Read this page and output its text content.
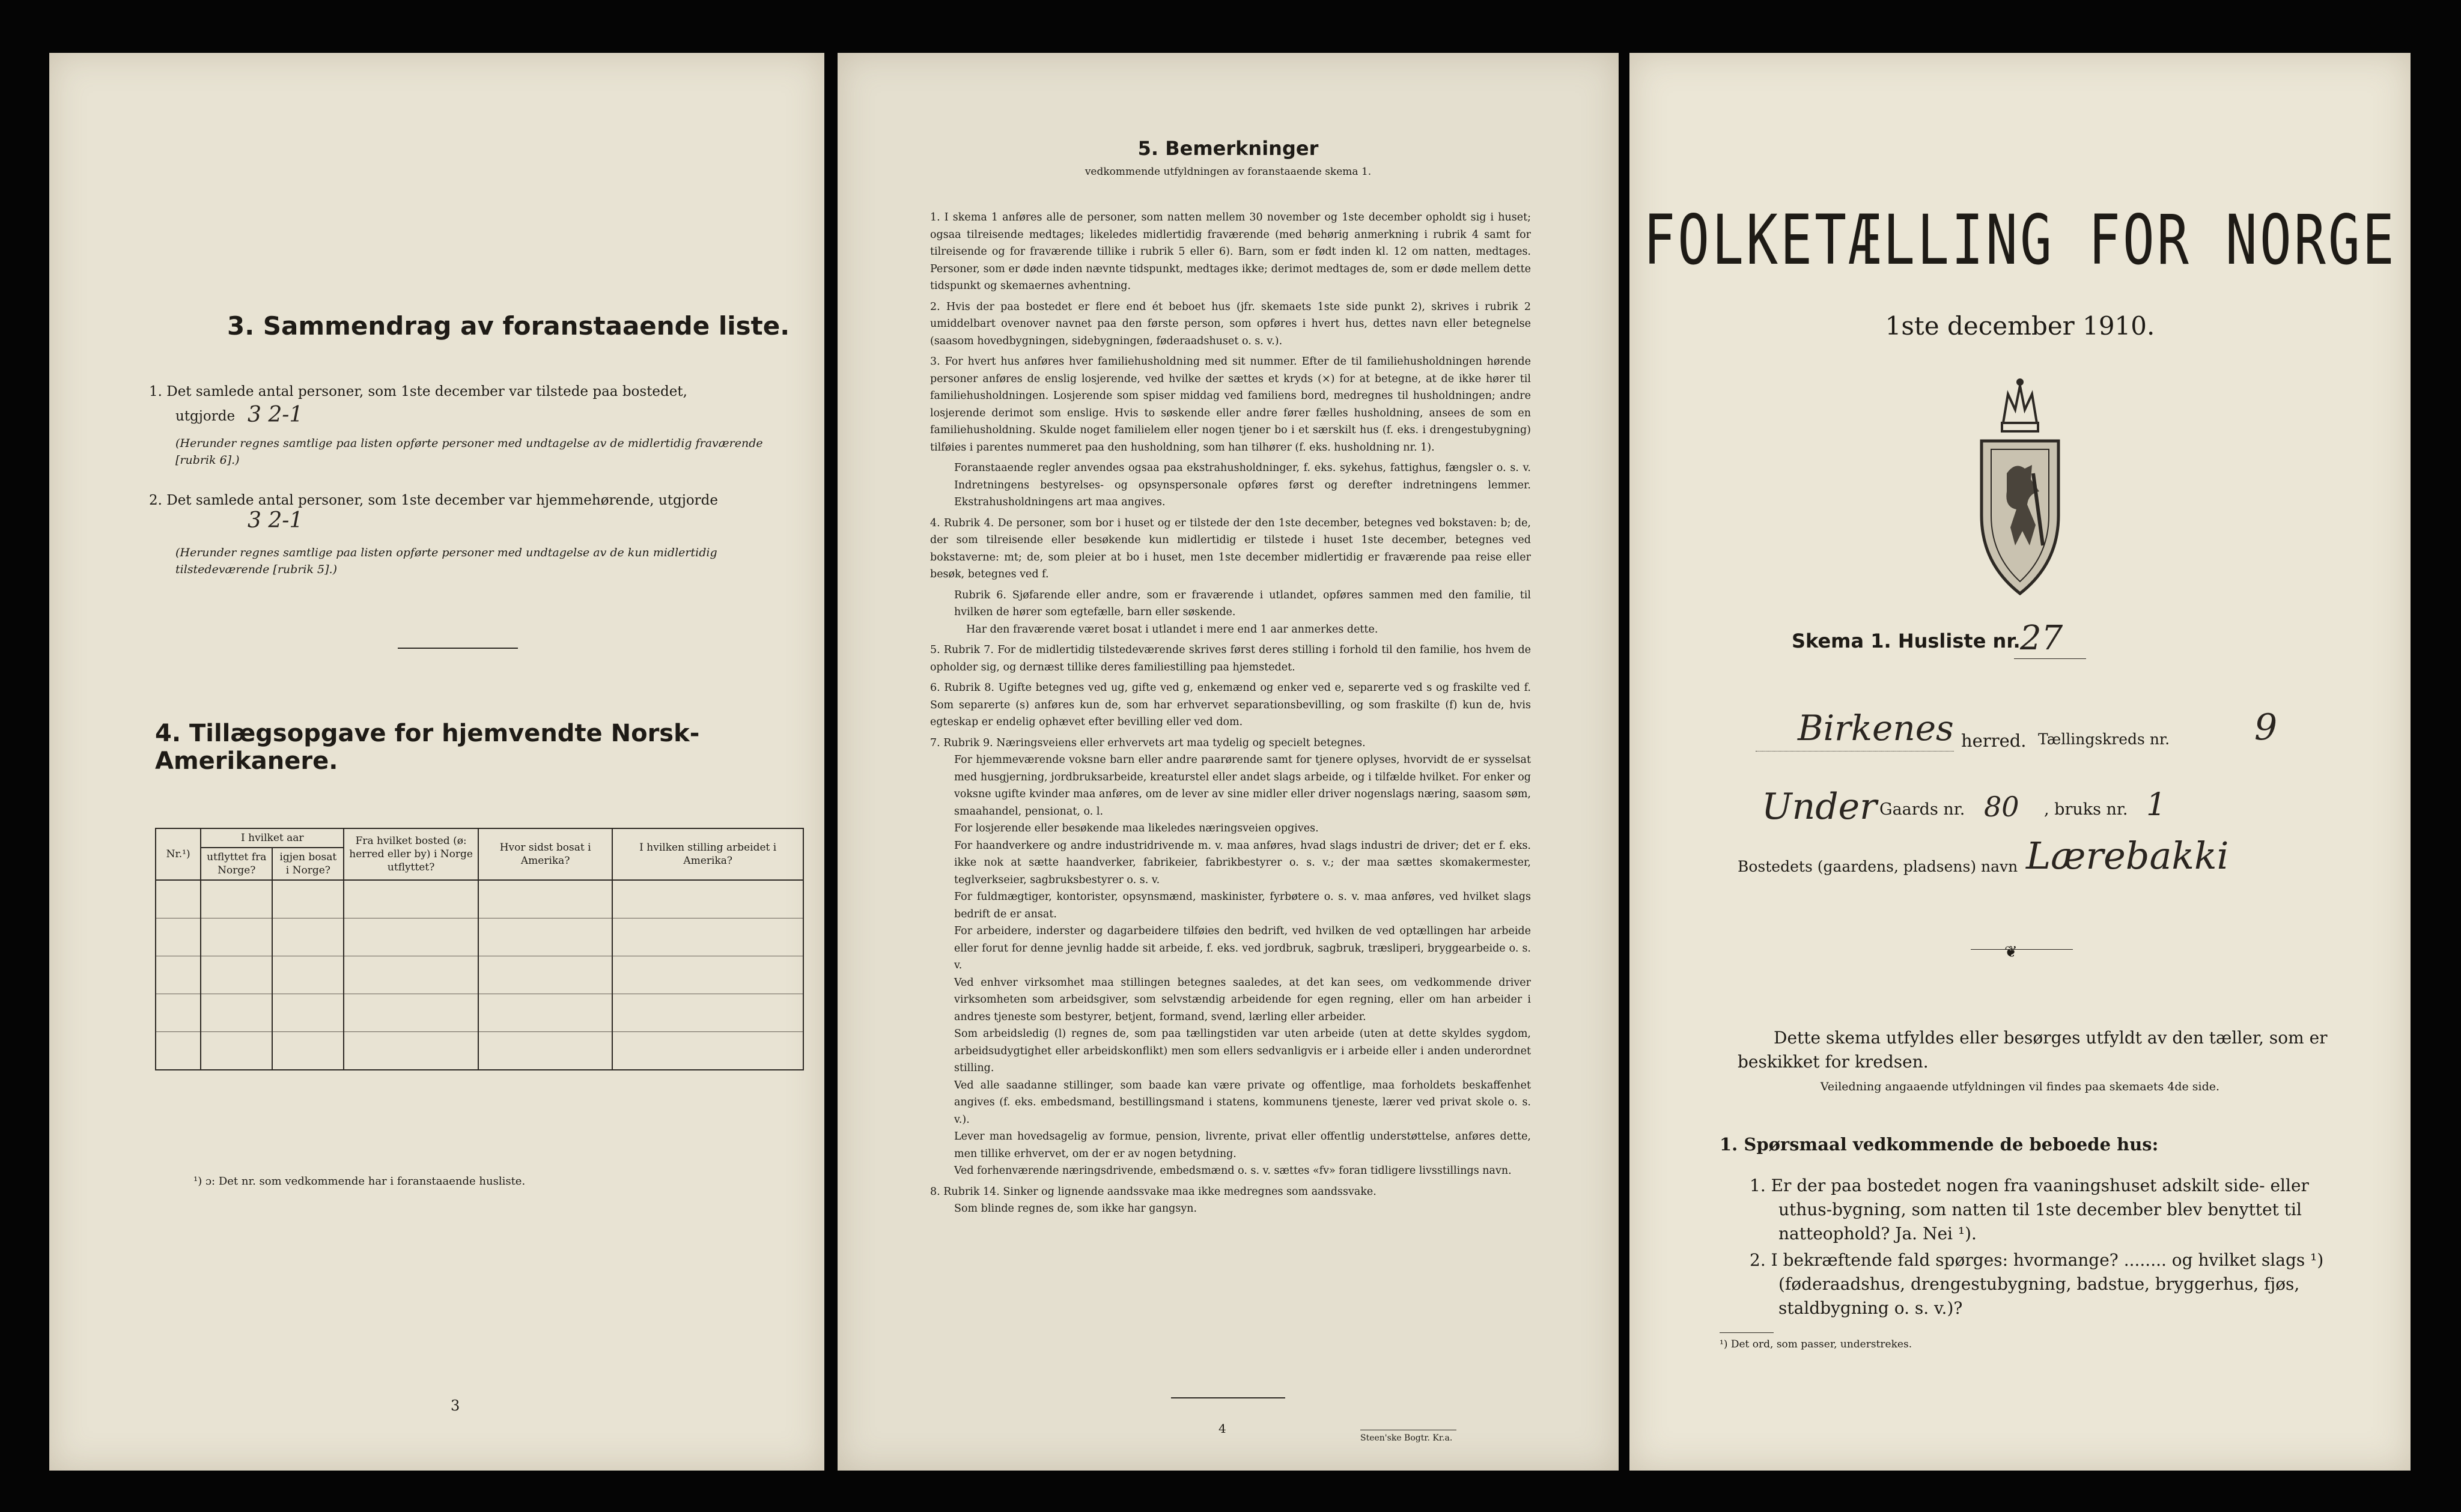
3. Sammendrag av foranstaaende liste.
1. Det samlede antal personer, som 1ste december var tilstede paa bostedet,
utgjorde 3 2-1
(Herunder regnes samtlige paa listen opførte personer med undtagelse av de midlertidig fraværende [rubrik 6].)
2. Det samlede antal personer, som 1ste december var hjemmehørende, utgjorde
3 2-1
(Herunder regnes samtlige paa listen opførte personer med undtagelse av de kun midlertidig tilstedeværende [rubrik 5].)
4. Tillægsopgave for hjemvendte Norsk-Amerikanere.
Nr.¹)	I hvilket aar		Fra hvilket bosted (ø: herred eller by) i Norge utflyttet?	Hvor sidst bosat i Amerika?	I hvilken stilling arbeidet i Amerika?
	utflyttet fra Norge?	igjen bosat i Norge?			

¹) ɔ: Det nr. som vedkommende har i foranstaaende husliste.
3
5. Bemerkninger
vedkommende utfyldningen av foranstaaende skema 1.

1. I skema 1 anføres alle de personer, som natten mellem 30 november og 1ste december opholdt sig i huset; ogsaa tilreisende medtages; likeledes midlertidig fraværende (med behørig anmerkning i rubrik 4 samt for tilreisende og for fraværende tillike i rubrik 5 eller 6). Barn, som er født inden kl. 12 om natten, medtages. Personer, som er døde inden nævnte tidspunkt, medtages ikke; derimot medtages de, som er døde mellem dette tidspunkt og skemaernes avhentning.

2. Hvis der paa bostedet er flere end ét beboet hus (jfr. skemaets 1ste side punkt 2), skrives i rubrik 2 umiddelbart ovenover navnet paa den første person, som opføres i hvert hus, dettes navn eller betegnelse (saasom hovedbygningen, sidebygningen, føderaadshuset o. s. v.).

3. For hvert hus anføres hver familiehusholdning med sit nummer. Efter de til familiehusholdningen hørende personer anføres de enslig losjerende, ved hvilke der sættes et kryds (×) for at betegne, at de ikke hører til familiehusholdningen. Losjerende som spiser middag ved familiens bord, medregnes til husholdningen; andre losjerende derimot som enslige. Hvis to søskende eller andre fører fælles husholdning, ansees de som en familiehusholdning. Skulde noget familielem eller nogen tjener bo i et særskilt hus (f. eks. i drengestubygning) tilføies i parentes nummeret paa den husholdning, som han tilhører (f. eks. husholdning nr. 1).

Foranstaaende regler anvendes ogsaa paa ekstrahusholdninger, f. eks. sykehus, fattighus, fængsler o. s. v. Indretningens bestyrelses- og opsynspersonale opføres først og derefter indretningens lemmer. Ekstrahusholdningens art maa angives.

4. Rubrik 4. De personer, som bor i huset og er tilstede der den 1ste december, betegnes ved bokstaven: b; de, der som tilreisende eller besøkende kun midlertidig er tilstede i huset 1ste december, betegnes ved bokstaverne: mt; de, som pleier at bo i huset, men 1ste december midlertidig er fraværende paa reise eller besøk, betegnes ved f.

Rubrik 6. Sjøfarende eller andre, som er fraværende i utlandet, opføres sammen med den familie, til hvilken de hører som egtefælle, barn eller søskende.

Har den fraværende været bosat i utlandet i mere end 1 aar anmerkes dette.

5. Rubrik 7. For de midlertidig tilstedeværende skrives først deres stilling i forhold til den familie, hos hvem de opholder sig, og dernæst tillike deres familiestilling paa hjemstedet.

6. Rubrik 8. Ugifte betegnes ved ug, gifte ved g, enkemænd og enker ved e, separerte ved s og fraskilte ved f. Som separerte (s) anføres kun de, som har erhvervet separationsbevilling, og som fraskilte (f) kun de, hvis egteskap er endelig ophævet efter bevilling eller ved dom.

7. Rubrik 9. Næringsveiens eller erhvervets art maa tydelig og specielt betegnes.

For hjemmeværende voksne barn eller andre paarørende samt for tjenere oplyses, hvorvidt de er sysselsat med husgjerning, jordbruksarbeide, kreaturstel eller andet slags arbeide, og i tilfælde hvilket. For enker og voksne ugifte kvinder maa anføres, om de lever av sine midler eller driver nogenslags næring, saasom søm, smaahandel, pensionat, o. l.

For losjerende eller besøkende maa likeledes næringsveien opgives.

For haandverkere og andre industridrivende m. v. maa anføres, hvad slags industri de driver; det er f. eks. ikke nok at sætte haandverker, fabrikeier, fabrikbestyrer o. s. v.; der maa sættes skomakermester, teglverkseier, sagbruksbestyrer o. s. v.

For fuldmægtiger, kontorister, opsynsmænd, maskinister, fyrbøtere o. s. v. maa anføres, ved hvilket slags bedrift de er ansat.

For arbeidere, inderster og dagarbeidere tilføies den bedrift, ved hvilken de ved optællingen har arbeide eller forut for denne jevnlig hadde sit arbeide, f. eks. ved jordbruk, sagbruk, træsliperi, bryggearbeide o. s. v.

Ved enhver virksomhet maa stillingen betegnes saaledes, at det kan sees, om vedkommende driver virksomheten som arbeidsgiver, som selvstændig arbeidende for egen regning, eller om han arbeider i andres tjeneste som bestyrer, betjent, formand, svend, lærling eller arbeider.

Som arbeidsledig (l) regnes de, som paa tællingstiden var uten arbeide (uten at dette skyldes sygdom, arbeidsudygtighet eller arbeidskonflikt) men som ellers sedvanligvis er i arbeide eller i anden underordnet stilling.

Ved alle saadanne stillinger, som baade kan være private og offentlige, maa forholdets beskaffenhet angives (f. eks. embedsmand, bestillingsmand i statens, kommunens tjeneste, lærer ved privat skole o. s. v.).

Lever man hovedsagelig av formue, pension, livrente, privat eller offentlig understøttelse, anføres dette, men tillike erhvervet, om der er av nogen betydning.

Ved forhenværende næringsdrivende, embedsmænd o. s. v. sættes «fv» foran tidligere livsstillings navn.

8. Rubrik 14. Sinker og lignende aandssvake maa ikke medregnes som aandssvake.

Som blinde regnes de, som ikke har gangsyn.

4
Steen'ske Bogtr. Kr.a.
FOLKETÆLLING FOR NORGE
1ste december 1910.
Skema 1. Husliste nr. 27
Birkenes herred. Tællingskreds nr. 9
Under Gaards nr. 80 , bruks nr. 1
Bostedets (gaardens, pladsens) navn Lærebakki
❦
Dette skema utfyldes eller besørges utfyldt av den tæller, som er beskikket for kredsen.
Veiledning angaaende utfyldningen vil findes paa skemaets 4de side.
1. Spørsmaal vedkommende de beboede hus:
1. Er der paa bostedet nogen fra vaaningshuset adskilt side- eller uthus-bygning, som natten til 1ste december blev benyttet til natteophold? Ja. Nei ¹).
2. I bekræftende fald spørges: hvormange? ........ og hvilket slags ¹) (føderaadshus, drengestubygning, badstue, bryggerhus, fjøs, staldbygning o. s. v.)?
¹) Det ord, som passer, understrekes.
